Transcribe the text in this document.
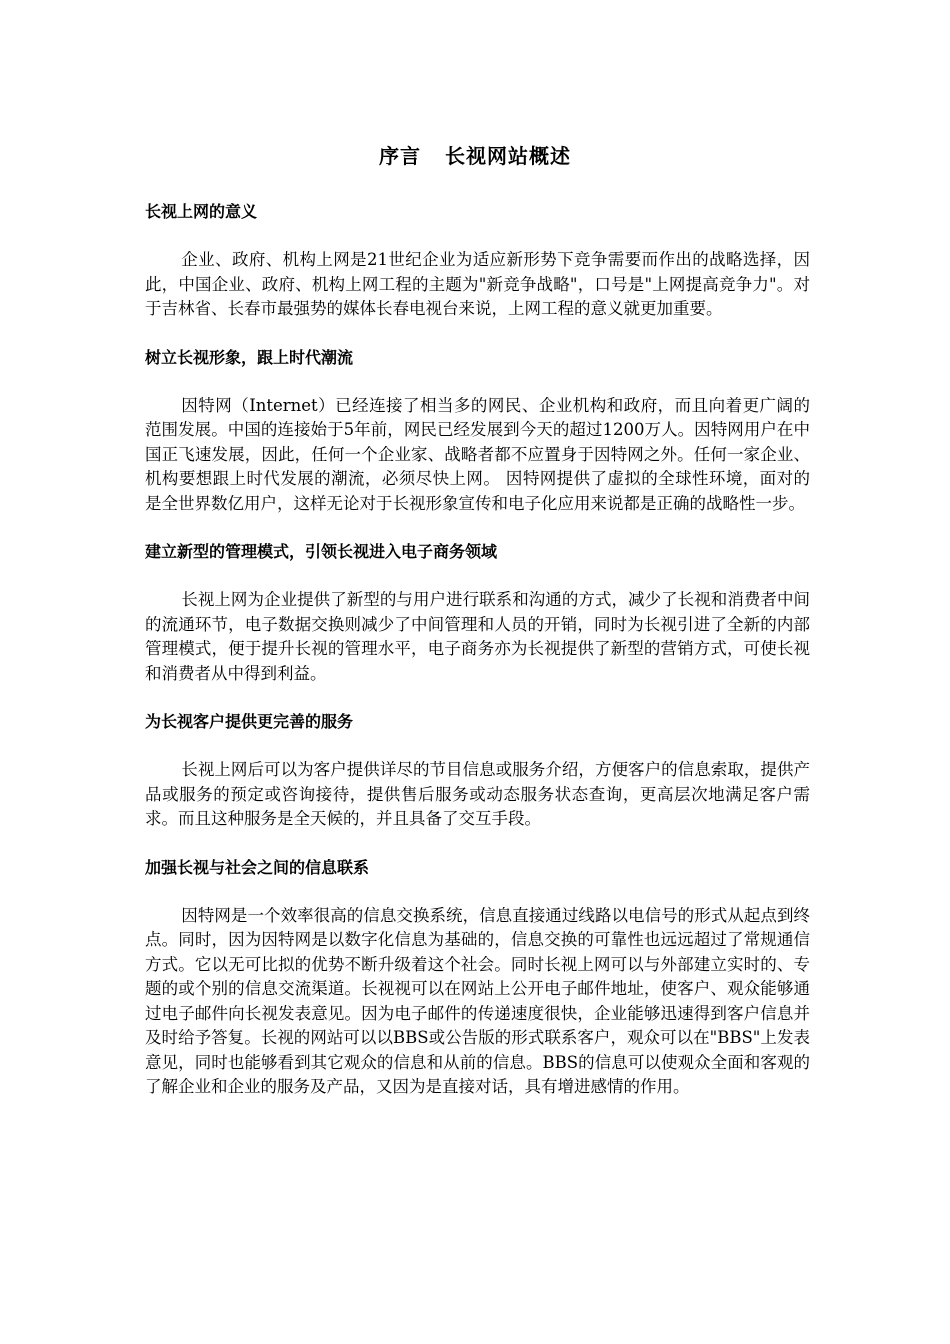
序言 长视网站概述
长视上网的意义

企业、政府、机构上网是21世纪企业为适应新形势下竞争需要而作出的战略选择，因此，中国企业、政府、机构上网工程的主题为"新竞争战略"，口号是"上网提高竞争力"。对于吉林省、长春市最强势的媒体长春电视台来说，上网工程的意义就更加重要。

树立长视形象，跟上时代潮流

因特网（Internet）已经连接了相当多的网民、企业机构和政府，而且向着更广阔的范围发展。中国的连接始于5年前，网民已经发展到今天的超过1200万人。因特网用户在中国正飞速发展，因此，任何一个企业家、战略者都不应置身于因特网之外。任何一家企业、机构要想跟上时代发展的潮流，必须尽快上网。 因特网提供了虚拟的全球性环境，面对的是全世界数亿用户，这样无论对于长视形象宣传和电子化应用来说都是正确的战略性一步。

建立新型的管理模式，引领长视进入电子商务领域

长视上网为企业提供了新型的与用户进行联系和沟通的方式，减少了长视和消费者中间的流通环节，电子数据交换则减少了中间管理和人员的开销，同时为长视引进了全新的内部管理模式，便于提升长视的管理水平，电子商务亦为长视提供了新型的营销方式，可使长视和消费者从中得到利益。

为长视客户提供更完善的服务

长视上网后可以为客户提供详尽的节目信息或服务介绍，方便客户的信息索取，提供产品或服务的预定或咨询接待，提供售后服务或动态服务状态查询，更高层次地满足客户需求。而且这种服务是全天候的，并且具备了交互手段。

加强长视与社会之间的信息联系

因特网是一个效率很高的信息交换系统，信息直接通过线路以电信号的形式从起点到终点。同时，因为因特网是以数字化信息为基础的，信息交换的可靠性也远远超过了常规通信方式。它以无可比拟的优势不断升级着这个社会。同时长视上网可以与外部建立实时的、专题的或个别的信息交流渠道。长视视可以在网站上公开电子邮件地址，使客户、观众能够通过电子邮件向长视发表意见。因为电子邮件的传递速度很快，企业能够迅速得到客户信息并及时给予答复。长视的网站可以以BBS或公告版的形式联系客户，观众可以在"BBS"上发表意见，同时也能够看到其它观众的信息和从前的信息。BBS的信息可以使观众全面和客观的了解企业和企业的服务及产品，又因为是直接对话，具有增进感情的作用。
